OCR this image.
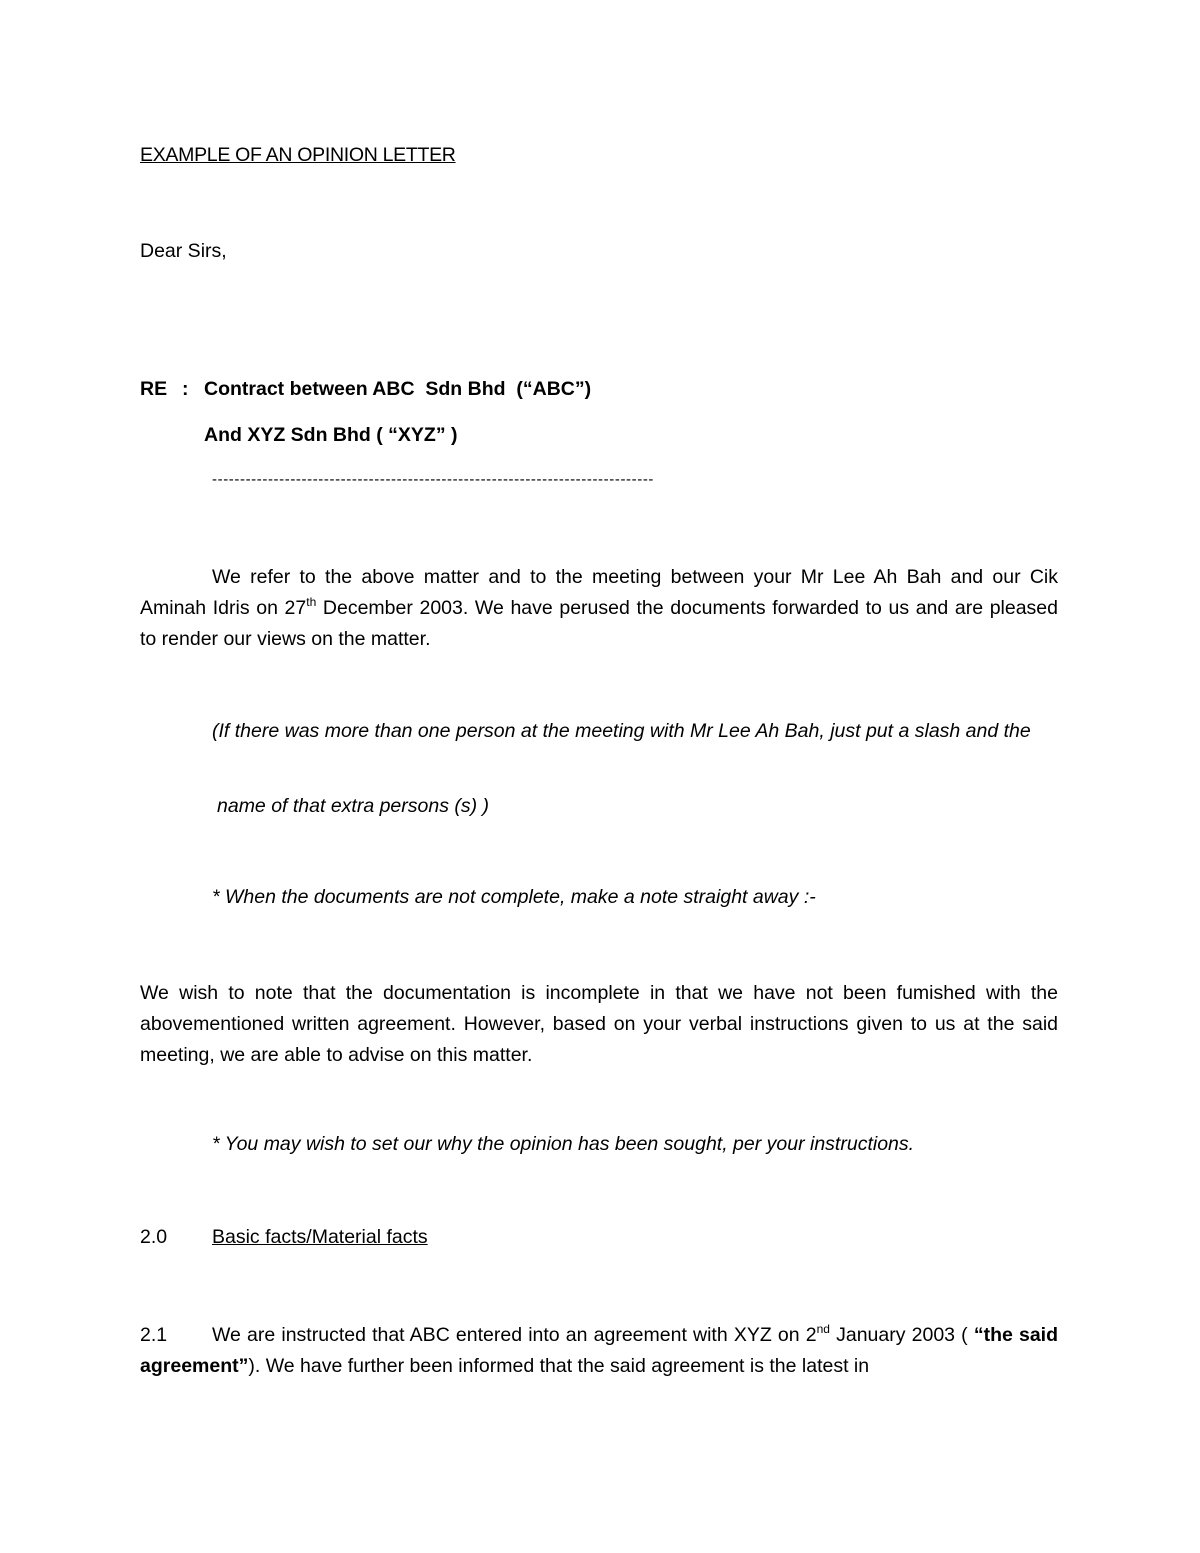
EXAMPLE OF AN OPINION LETTER
Dear Sirs,
RE : Contract between ABC  Sdn Bhd  (“ABC”)
And XYZ Sdn Bhd ( “XYZ” )
-------------------------------------------------------------------------------
We refer to the above matter and to the meeting between your Mr Lee Ah Bah and our Cik Aminah Idris on 27th December 2003. We have perused the documents forwarded to us and are pleased to render our views on the matter.
(If there was more than one person at the meeting with Mr Lee Ah Bah, just put a slash and the
name of that extra persons (s) )
* When the documents are not complete, make a note straight away :-
We wish to note that the documentation is incomplete in that we have not been fumished with the abovementioned written agreement. However, based on your verbal instructions given to us at the said meeting, we are able to advise on this matter.
* You may wish to set our why the opinion has been sought, per your instructions.
2.0 Basic facts/Material facts
2.1 We are instructed that ABC entered into an agreement with XYZ on 2nd January 2003 ( “the said agreement”). We have further been informed that the said agreement is the latest in
